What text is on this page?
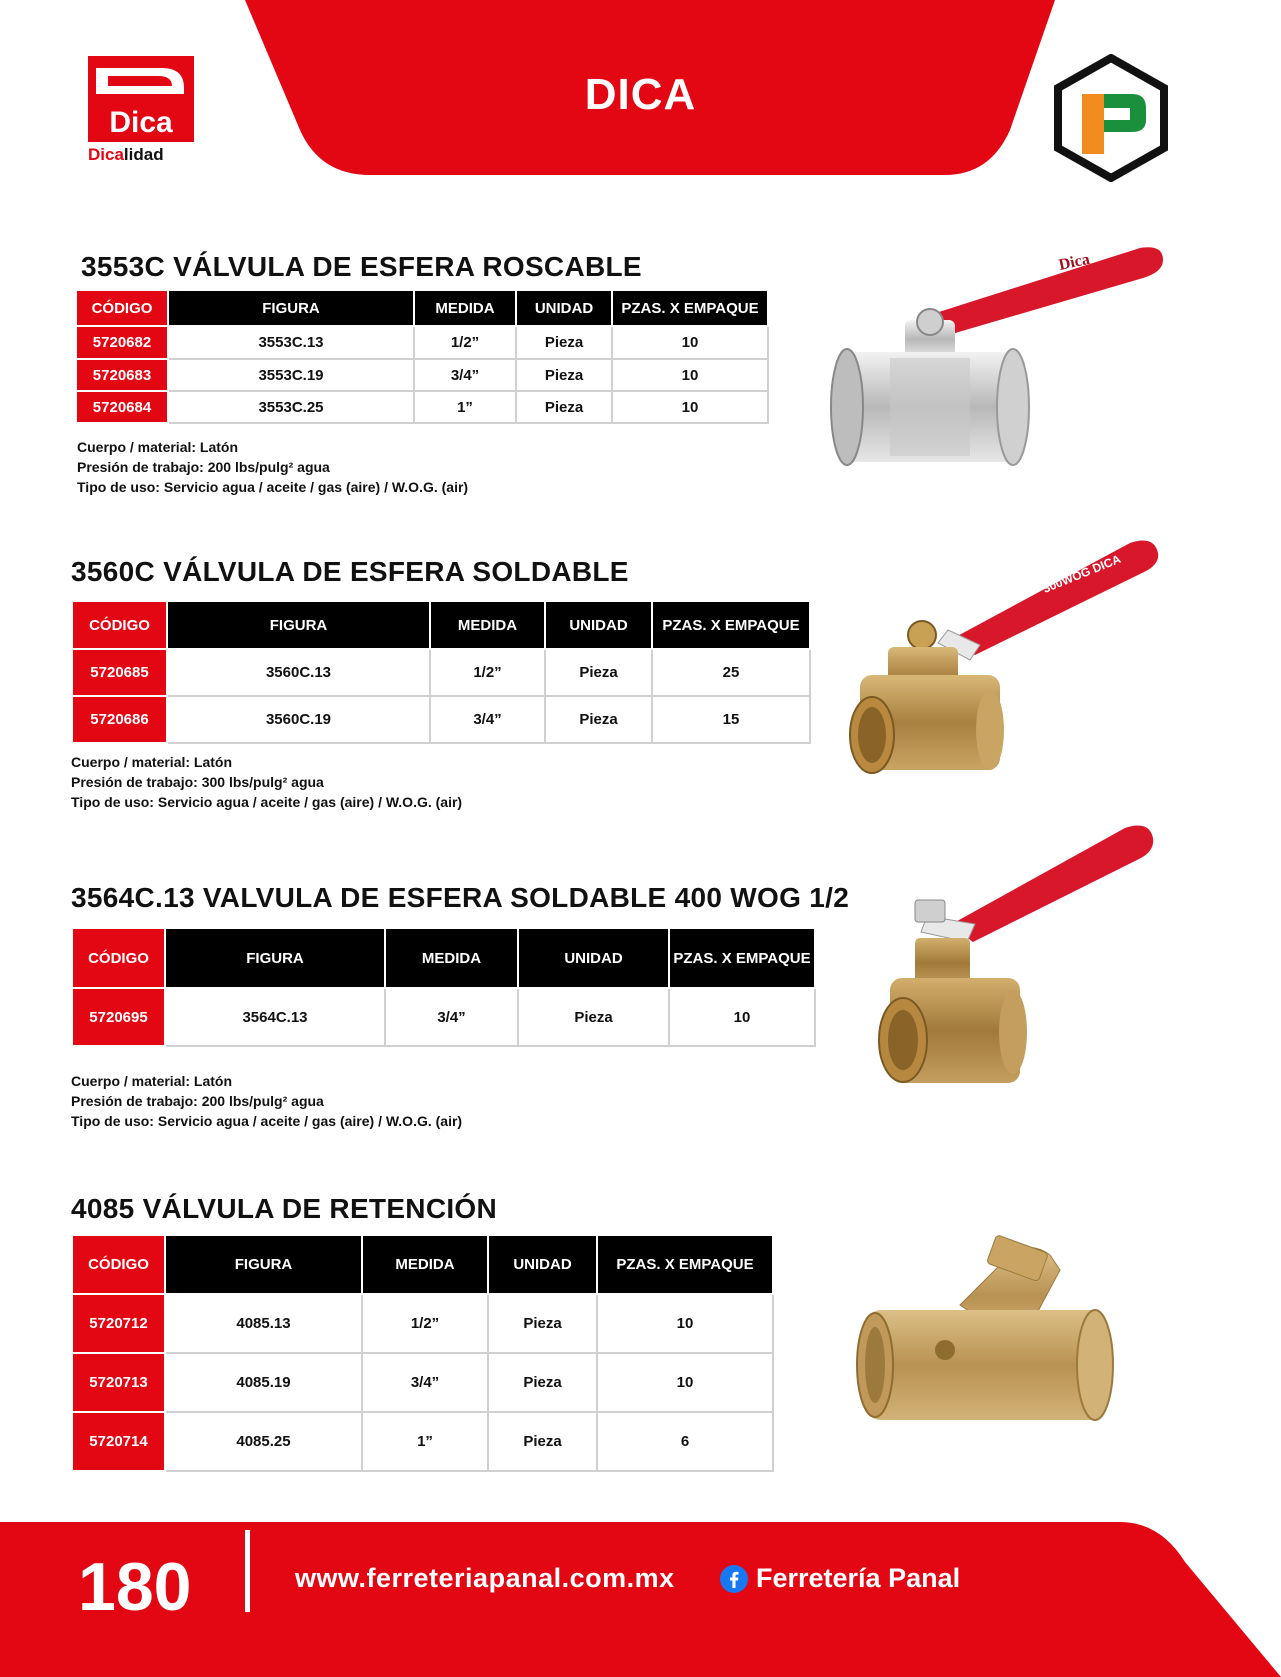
DICA
Dica
Dicalidad
3553C VÁLVULA DE ESFERA ROSCABLE
CÓDIGO	FIGURA	MEDIDA	UNIDAD	PZAS. X EMPAQUE
5720682	3553C.13	1/2”	Pieza	10
5720683	3553C.19	3/4”	Pieza	10
5720684	3553C.25	1”	Pieza	10
Cuerpo / material: Latón
Presión de trabajo: 200 lbs/pulg² agua
Tipo de uso: Servicio agua / aceite / gas (aire) / W.O.G. (air)
Dica
3560C VÁLVULA DE ESFERA SOLDABLE
CÓDIGO	FIGURA	MEDIDA	UNIDAD	PZAS. X EMPAQUE
5720685	3560C.13	1/2”	Pieza	25
5720686	3560C.19	3/4”	Pieza	15
Cuerpo / material: Latón
Presión de trabajo: 300 lbs/pulg² agua
Tipo de uso: Servicio agua / aceite / gas (aire) / W.O.G. (air)
300WOG DICA
3564C.13 VALVULA DE ESFERA SOLDABLE 400 WOG 1/2
CÓDIGO	FIGURA	MEDIDA	UNIDAD	PZAS. X EMPAQUE
5720695	3564C.13	3/4”	Pieza	10
Cuerpo / material: Latón
Presión de trabajo: 200 lbs/pulg² agua
Tipo de uso: Servicio agua / aceite / gas (aire) / W.O.G. (air)
4085 VÁLVULA DE RETENCIÓN
CÓDIGO	FIGURA	MEDIDA	UNIDAD	PZAS. X EMPAQUE
5720712	4085.13	1/2”	Pieza	10
5720713	4085.19	3/4”	Pieza	10
5720714	4085.25	1”	Pieza	6
180	www.ferreteriapanal.com.mx	Ferretería Panal
